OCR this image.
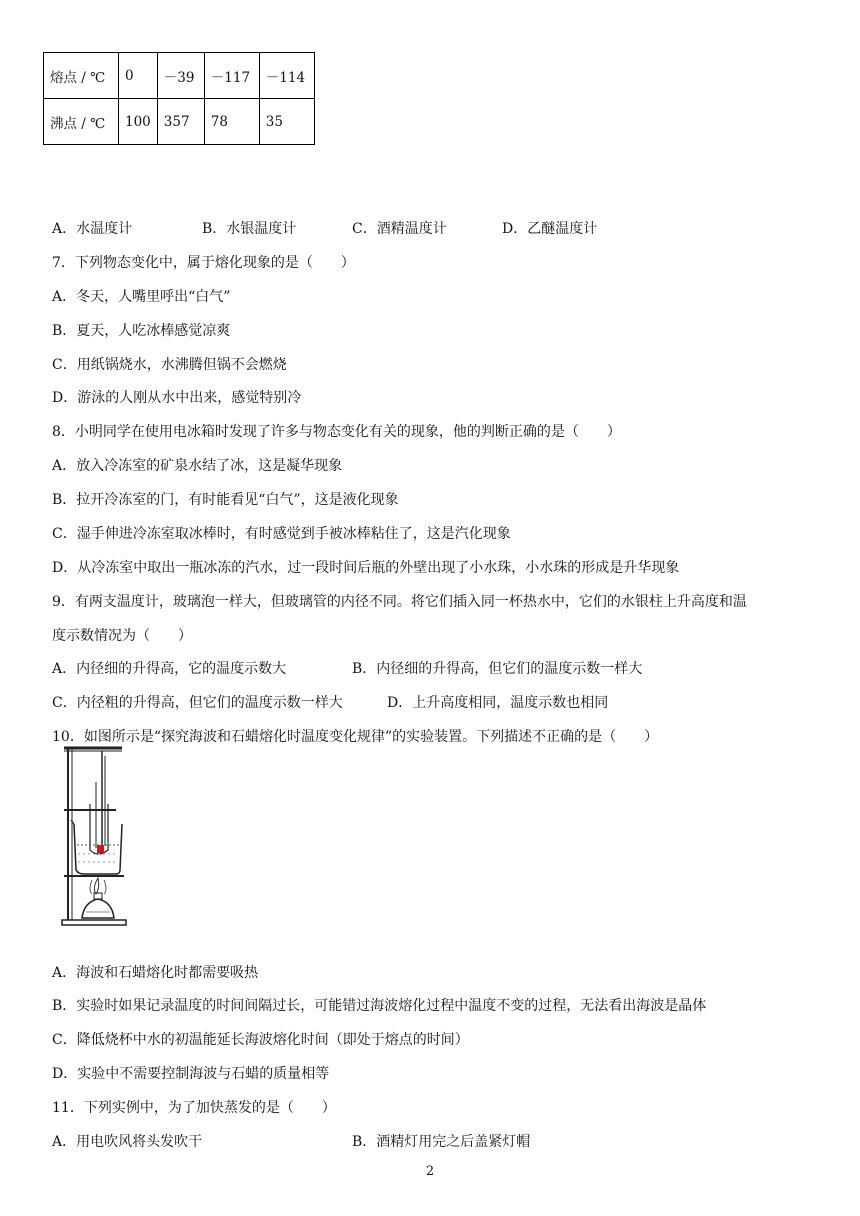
熔点 / ℃	0	－39	－117	－114
沸点 / ℃	100	357	78	35
A．水温度计	B．水银温度计	C．酒精温度计	D．乙醚温度计
7．下列物态变化中，属于熔化现象的是（　　）
A．冬天，人嘴里呼出“白气”
B．夏天，人吃冰棒感觉凉爽
C．用纸锅烧水，水沸腾但锅不会燃烧
D．游泳的人刚从水中出来，感觉特别冷
8．小明同学在使用电冰箱时发现了许多与物态变化有关的现象，他的判断正确的是（　　）
A．放入冷冻室的矿泉水结了冰，这是凝华现象
B．拉开冷冻室的门，有时能看见“白气”，这是液化现象
C．湿手伸进冷冻室取冰棒时，有时感觉到手被冰棒粘住了，这是汽化现象
D．从冷冻室中取出一瓶冰冻的汽水，过一段时间后瓶的外壁出现了小水珠，小水珠的形成是升华现象
9．有两支温度计，玻璃泡一样大，但玻璃管的内径不同。将它们插入同一杯热水中，它们的水银柱上升高度和温
度示数情况为（　　）
A．内径细的升得高，它的温度示数大	B．内径细的升得高，但它们的温度示数一样大
C．内径粗的升得高，但它们的温度示数一样大	D．上升高度相同，温度示数也相同
10．如图所示是“探究海波和石蜡熔化时温度变化规律”的实验装置。下列描述不正确的是（　　）
A．海波和石蜡熔化时都需要吸热
B．实验时如果记录温度的时间间隔过长，可能错过海波熔化过程中温度不变的过程，无法看出海波是晶体
C．降低烧杯中水的初温能延长海波熔化时间（即处于熔点的时间）
D．实验中不需要控制海波与石蜡的质量相等
11．下列实例中，为了加快蒸发的是（　　）
A．用电吹风将头发吹干	B．酒精灯用完之后盖紧灯帽
2
